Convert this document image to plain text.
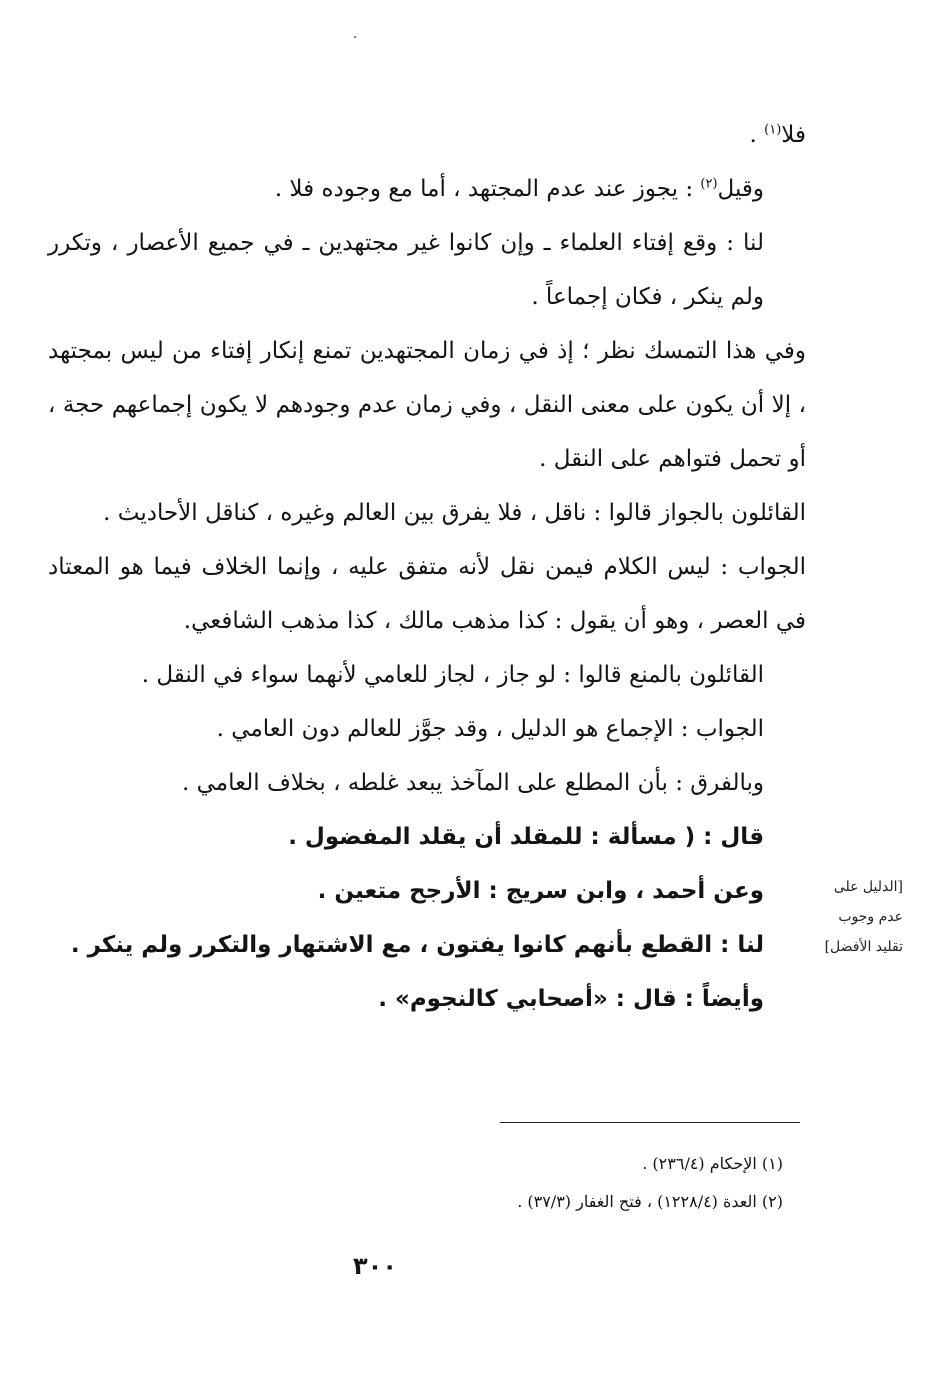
فلا$^{(١)}$ .

وقيل$^{(٢)}$ : يجوز عند عدم المجتهد ، أما مع وجوده فلا .

لنا : وقع إفتاء العلماء ـ وإن كانوا غير مجتهدين ـ في جميع الأعصار ، وتكرر ولم ينكر ، فكان إجماعاً .

وفي هذا التمسك نظر ؛ إذ في زمان المجتهدين تمنع إنكار إفتاء من ليس بمجتهد ، إلا أن يكون على معنى النقل ، وفي زمان عدم وجودهم لا يكون إجماعهم حجة ، أو تحمل فتواهم على النقل .

القائلون بالجواز قالوا : ناقل ، فلا يفرق بين العالم وغيره ، كناقل الأحاديث .

الجواب : ليس الكلام فيمن نقل لأنه متفق عليه ، وإنما الخلاف فيما هو المعتاد في العصر ، وهو أن يقول : كذا مذهب مالك ، كذا مذهب الشافعي.

القائلون بالمنع قالوا : لو جاز ، لجاز للعامي لأنهما سواء في النقل .

الجواب : الإجماع هو الدليل ، وقد جوَّز للعالم دون العامي .

وبالفرق : بأن المطلع على المآخذ يبعد غلطه ، بخلاف العامي .

قال : ( مسألة : للمقلد أن يقلد المفضول .

وعن أحمد ، وابن سريج : الأرجح متعين .

لنا : القطع بأنهم كانوا يفتون ، مع الاشتهار والتكرر ولم ينكر .

وأيضاً : قال : «أصحابي كالنجوم» .

[الدليل على
عدم وجوب
تقليد الأفضل]

(١) الإحكام (٢٣٦/٤) .

(٢) العدة (١٢٢٨/٤) ، فتح الغفار (٣٧/٣) .

٣٠٠
